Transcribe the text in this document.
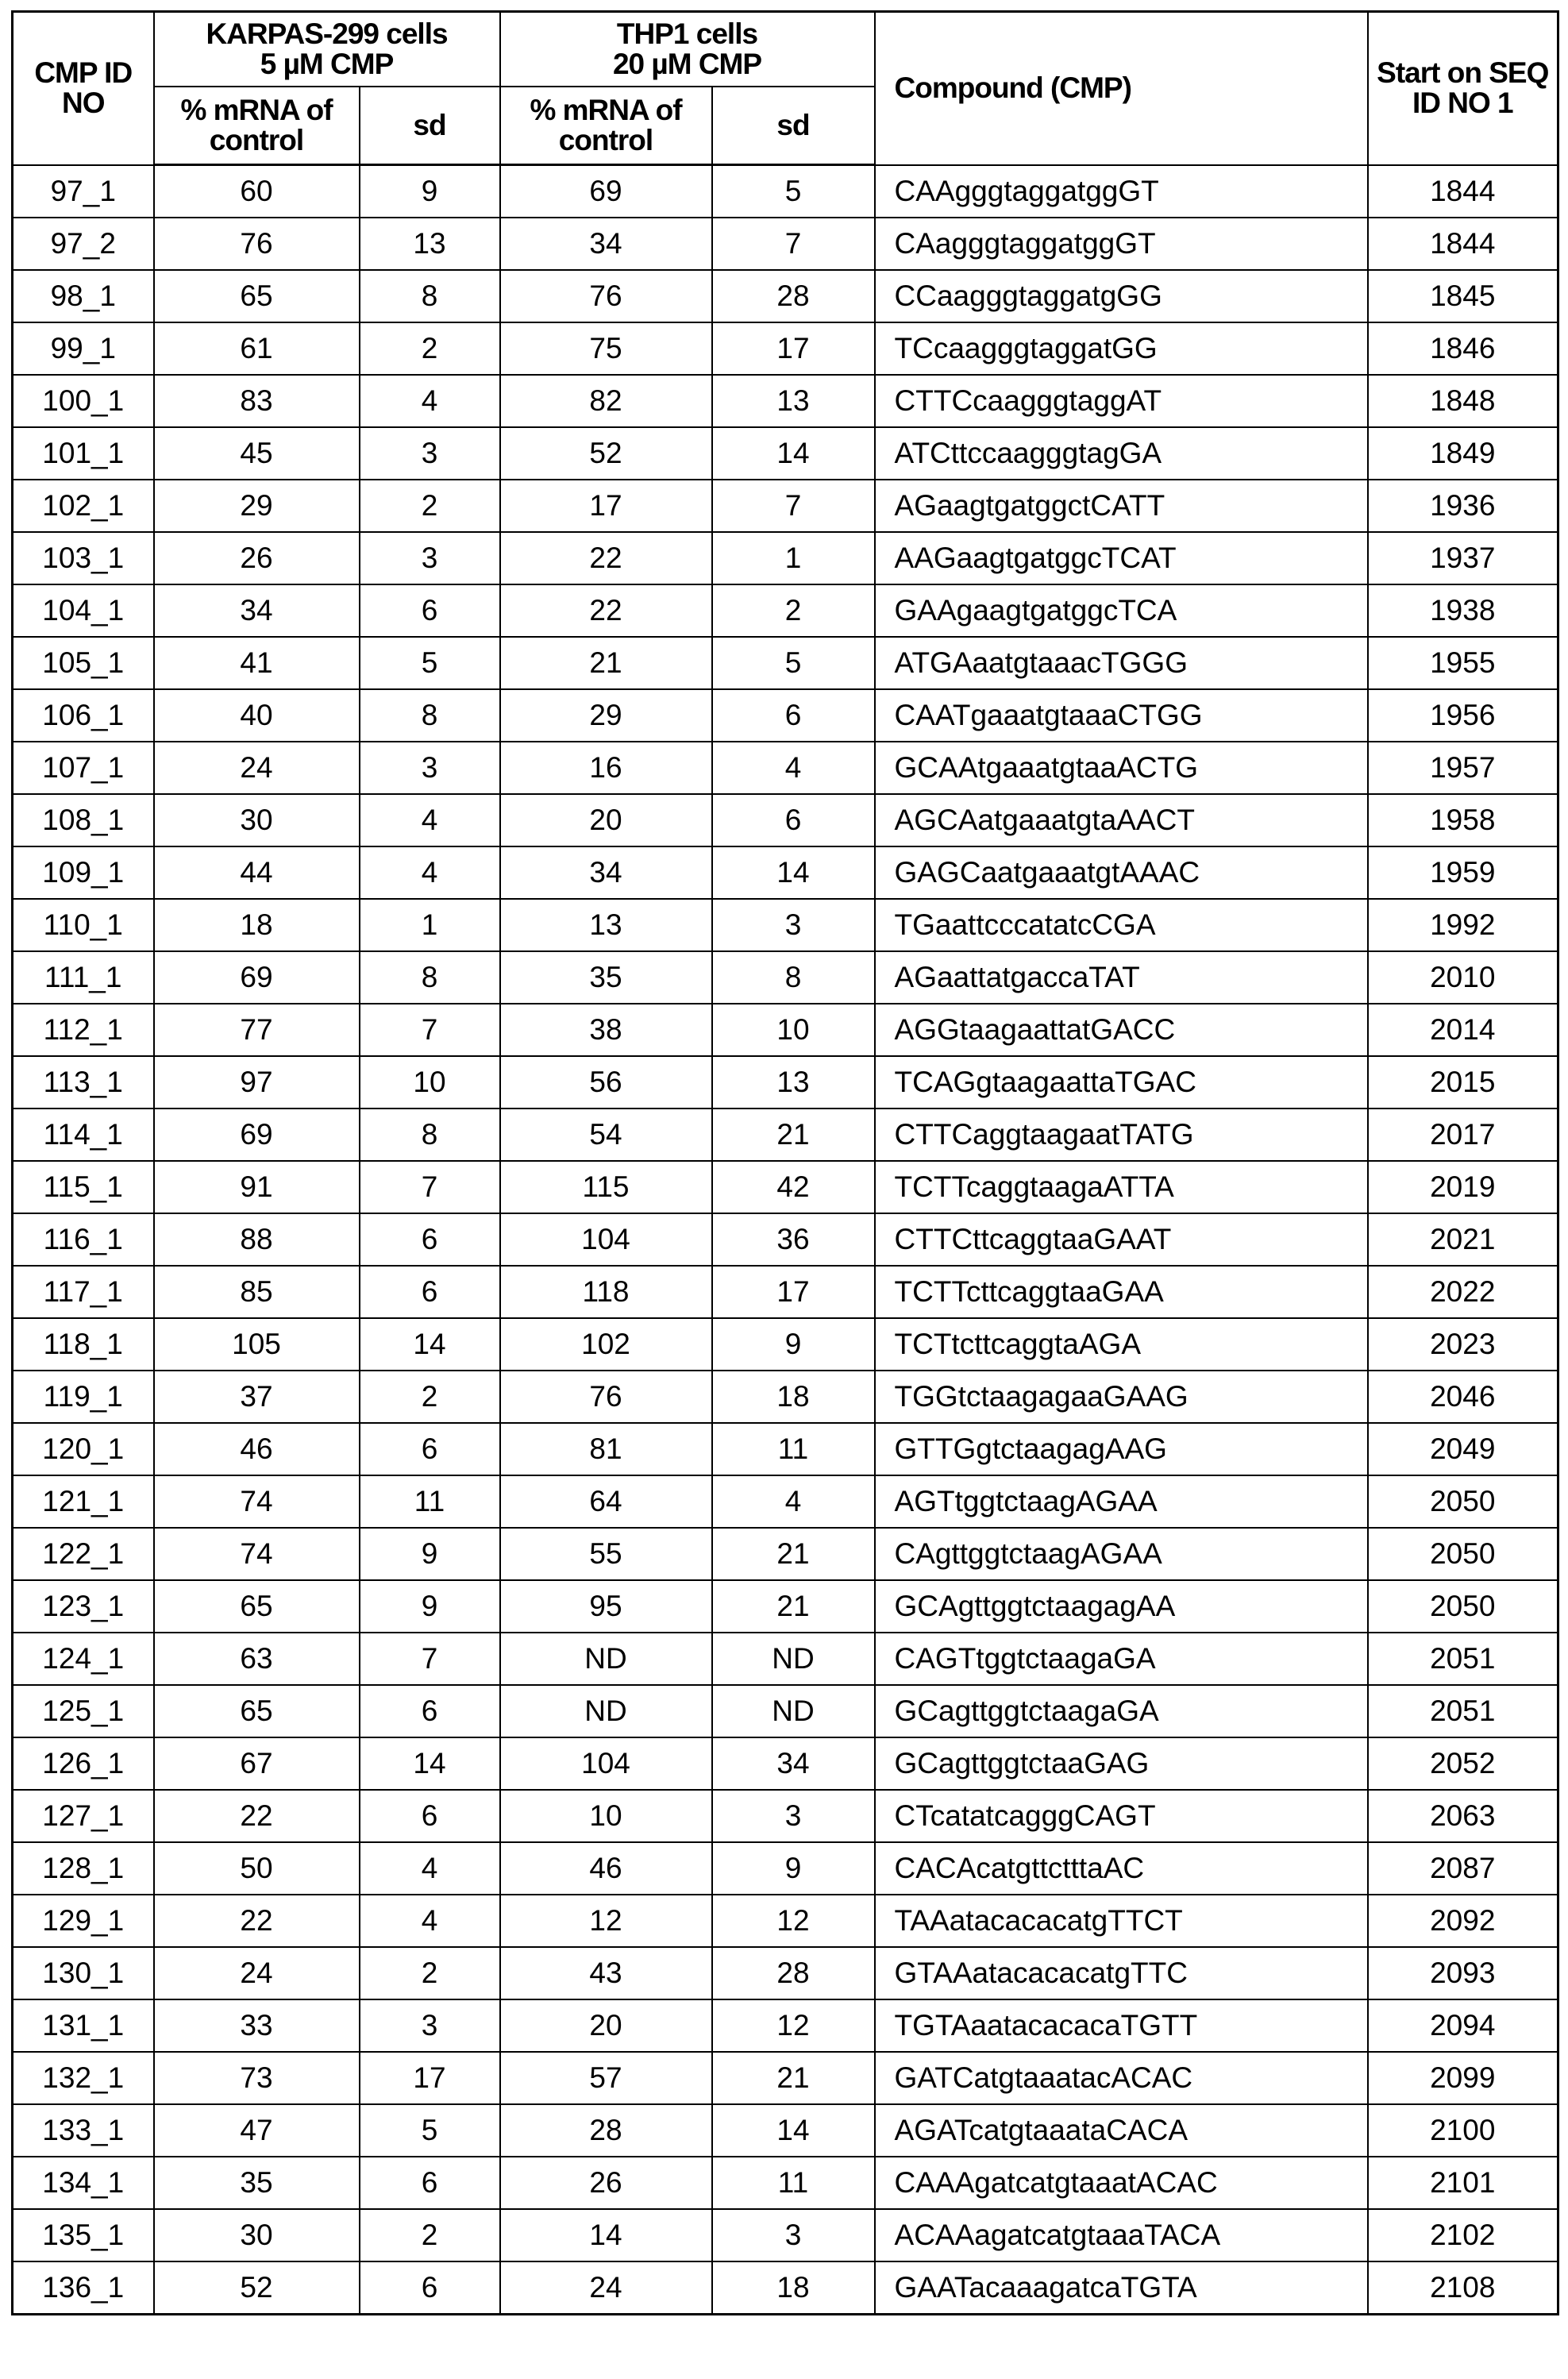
CMP ID NO	KARPAS-299 cells
5 µM CMP	THP1 cells
20 µM CMP	Compound (CMP)	Start on SEQ ID NO 1
% mRNA of control	sd	% mRNA of control	sd
97_1	60	9	69	5	CAAgggtaggatggGT	1844
97_2	76	13	34	7	CAagggtaggatggGT	1844
98_1	65	8	76	28	CCaagggtaggatgGG	1845
99_1	61	2	75	17	TCcaagggtaggatGG	1846
100_1	83	4	82	13	CTTCcaagggtaggAT	1848
101_1	45	3	52	14	ATCttccaagggtagGA	1849
102_1	29	2	17	7	AGaagtgatggctCATT	1936
103_1	26	3	22	1	AAGaagtgatggcTCAT	1937
104_1	34	6	22	2	GAAgaagtgatggcTCA	1938
105_1	41	5	21	5	ATGAaatgtaaacTGGG	1955
106_1	40	8	29	6	CAATgaaatgtaaaCTGG	1956
107_1	24	3	16	4	GCAAtgaaatgtaaACTG	1957
108_1	30	4	20	6	AGCAatgaaatgtaAACT	1958
109_1	44	4	34	14	GAGCaatgaaatgtAAAC	1959
110_1	18	1	13	3	TGaattcccatatcCGA	1992
111_1	69	8	35	8	AGaattatgaccaTAT	2010
112_1	77	7	38	10	AGGtaagaattatGACC	2014
113_1	97	10	56	13	TCAGgtaagaattaTGAC	2015
114_1	69	8	54	21	CTTCaggtaagaatTATG	2017
115_1	91	7	115	42	TCTTcaggtaagaATTA	2019
116_1	88	6	104	36	CTTCttcaggtaaGAAT	2021
117_1	85	6	118	17	TCTTcttcaggtaaGAA	2022
118_1	105	14	102	9	TCTtcttcaggtaAGA	2023
119_1	37	2	76	18	TGGtctaagagaaGAAG	2046
120_1	46	6	81	11	GTTGgtctaagagAAG	2049
121_1	74	11	64	4	AGTtggtctaagAGAA	2050
122_1	74	9	55	21	CAgttggtctaagAGAA	2050
123_1	65	9	95	21	GCAgttggtctaagagAA	2050
124_1	63	7	ND	ND	CAGTtggtctaagaGA	2051
125_1	65	6	ND	ND	GCagttggtctaagaGA	2051
126_1	67	14	104	34	GCagttggtctaaGAG	2052
127_1	22	6	10	3	CTcatatcagggCAGT	2063
128_1	50	4	46	9	CACAcatgttctttaAC	2087
129_1	22	4	12	12	TAAatacacacatgTTCT	2092
130_1	24	2	43	28	GTAAatacacacatgTTC	2093
131_1	33	3	20	12	TGTAaatacacacaTGTT	2094
132_1	73	17	57	21	GATCatgtaaatacACAC	2099
133_1	47	5	28	14	AGATcatgtaaataCACA	2100
134_1	35	6	26	11	CAAAgatcatgtaaatACAC	2101
135_1	30	2	14	3	ACAAagatcatgtaaaTACA	2102
136_1	52	6	24	18	GAATacaaagatcaTGTA	2108
